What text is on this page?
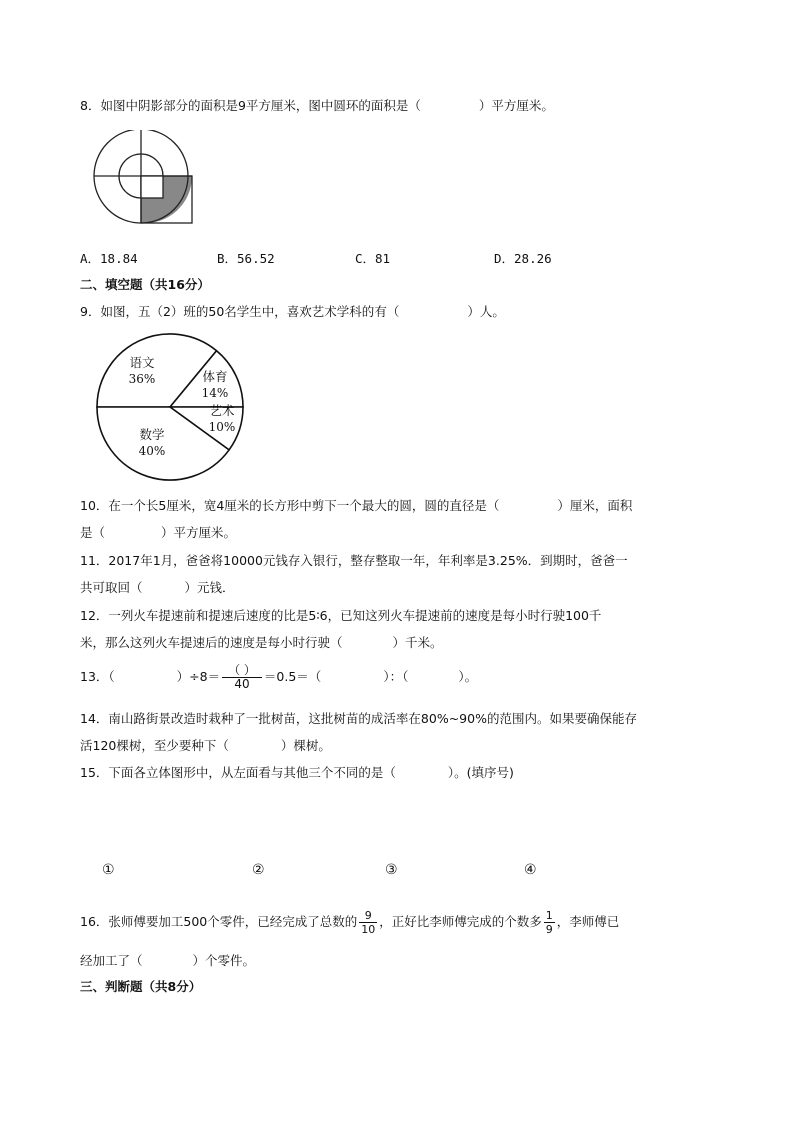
8．如图中阴影部分的面积是9平方厘米，图中圆环的面积是（	）平方厘米。
A．18.84	B．56.52	C．81	D．28.26
二、填空题（共16分）
9．如图，五（2）班的50名学生中，喜欢艺术学科的有（	）人。
语文
36%	体育
14%
艺术
10%
数学
40%
10．在一个长5厘米，宽4厘米的长方形中剪下一个最大的圆，圆的直径是（	）厘米，面积
是（	）平方厘米。
11．2017年1月，爸爸将10000元钱存入银行，整存整取一年，年利率是3.25%．到期时，爸爸一
共可取回（	）元钱．
12．一列火车提速前和提速后速度的比是5∶6，已知这列火车提速前的速度是每小时行驶100千
米，那么这列火车提速后的速度是每小时行驶（	）千米。
13．（	）$\div 8= \frac{( )}{40} =0.5=$（	）：（	）。
14．南山路街景改造时栽种了一批树苗，这批树苗的成活率在80%~90%的范围内。如果要确保能存
活120棵树，至少要种下（	）棵树。
15．下面各立体图形中，从左面看与其他三个不同的是（	）。(填序号)
①	②	③	④
16．张师傅要加工500个零件，已经完成了总数的 $\frac{9}{10}$ ，正好比李师傅完成的个数多 $\frac{1}{9}$ ，李师傅已
经加工了（	）个零件。
三、判断题（共8分）
